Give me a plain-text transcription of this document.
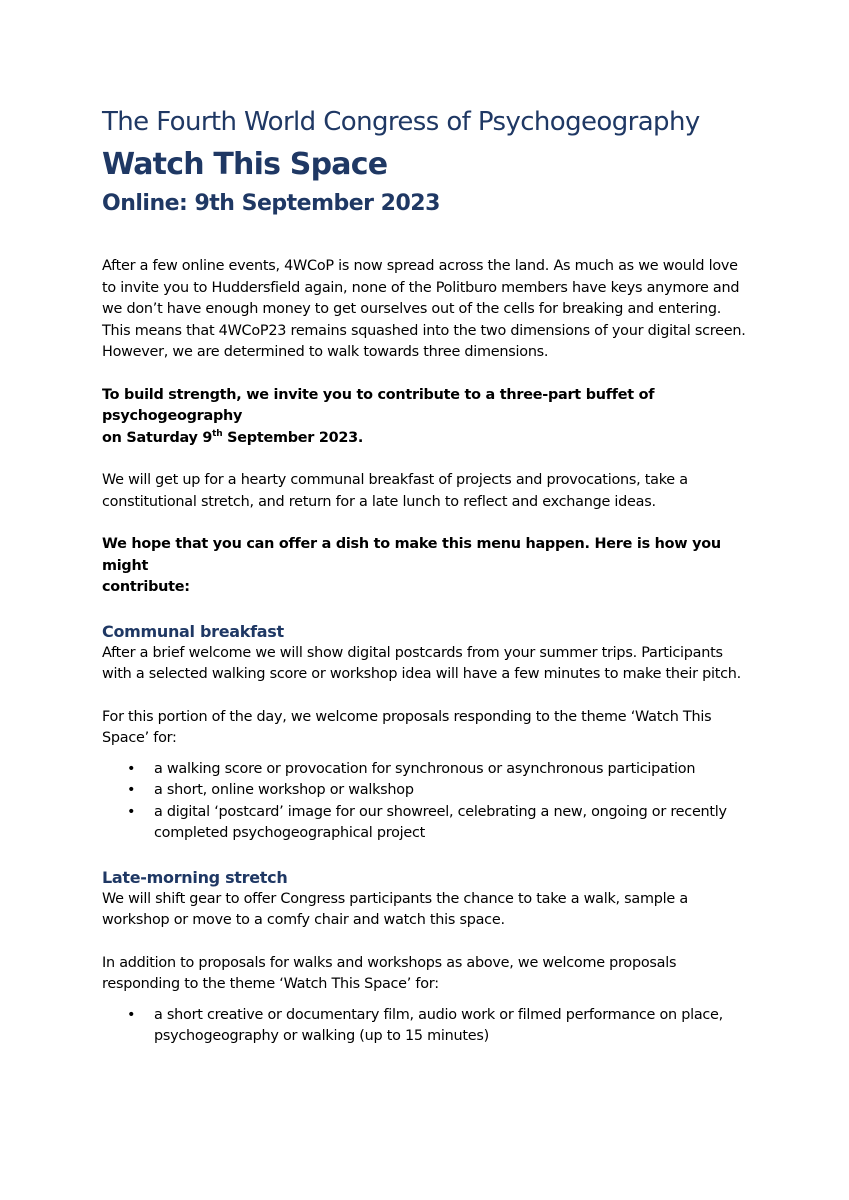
The Fourth World Congress of Psychogeography
Watch This Space
Online: 9th September 2023

After a few online events, 4WCoP is now spread across the land. As much as we would love

to invite you to Huddersfield again, none of the Politburo members have keys anymore and

we don’t have enough money to get ourselves out of the cells for breaking and entering.

This means that 4WCoP23 remains squashed into the two dimensions of your digital screen.

However, we are determined to walk towards three dimensions.

To build strength, we invite you to contribute to a three-part buffet of psychogeography

on Saturday 9th September 2023.

We will get up for a hearty communal breakfast of projects and provocations, take a

constitutional stretch, and return for a late lunch to reflect and exchange ideas.

We hope that you can offer a dish to make this menu happen. Here is how you might

contribute:

Communal breakfast

After a brief welcome we will show digital postcards from your summer trips. Participants

with a selected walking score or workshop idea will have a few minutes to make their pitch.

For this portion of the day, we welcome proposals responding to the theme ‘Watch This

Space’ for:

• a walking score or provocation for synchronous or asynchronous participation
• a short, online workshop or walkshop
• a digital ‘postcard’ image for our showreel, celebrating a new, ongoing or recently
completed psychogeographical project
Late-morning stretch

We will shift gear to offer Congress participants the chance to take a walk, sample a

workshop or move to a comfy chair and watch this space.

In addition to proposals for walks and workshops as above, we welcome proposals

responding to the theme ‘Watch This Space’ for:

• a short creative or documentary film, audio work or filmed performance on place,
psychogeography or walking (up to 15 minutes)
